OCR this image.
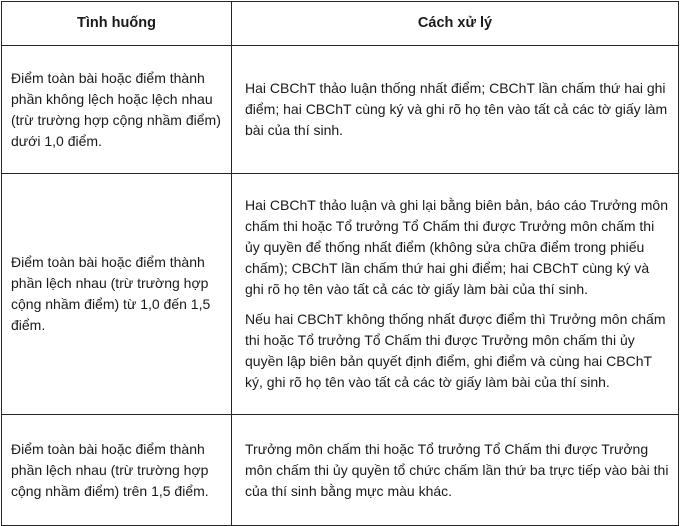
Tình huống	Cách xử lý
Điểm toàn bài hoặc điểm thành phần không lệch hoặc lệch nhau (trừ trường hợp cộng nhầm điểm) dưới 1,0 điểm.	Hai CBChT thảo luận thống nhất điểm; CBChT lần chấm thứ hai ghi điểm; hai CBChT cùng ký và ghi rõ họ tên vào tất cả các tờ giấy làm bài của thí sinh.

Điểm toàn bài hoặc điểm thành phần lệch nhau (trừ trường hợp cộng nhầm điểm) từ 1,0 đến 1,5 điểm.	Hai CBChT thảo luận và ghi lại bằng biên bản, báo cáo Trưởng môn chấm thi hoặc Tổ trưởng Tổ Chấm thi được Trưởng môn chấm thi ủy quyền để thống nhất điểm (không sửa chữa điểm trong phiếu chấm); CBChT lần chấm thứ hai ghi điểm; hai CBChT cùng ký và ghi rõ họ tên vào tất cả các tờ giấy làm bài của thí sinh.

Nếu hai CBChT không thống nhất được điểm thì Trưởng môn chấm thi hoặc Tổ trưởng Tổ Chấm thi được Trưởng môn chấm thi ủy quyền lập biên bản quyết định điểm, ghi điểm và cùng hai CBChT ký, ghi rõ họ tên vào tất cả các tờ giấy làm bài của thí sinh.

Điểm toàn bài hoặc điểm thành phần lệch nhau (trừ trường hợp cộng nhầm điểm) trên 1,5 điểm.	Trưởng môn chấm thi hoặc Tổ trưởng Tổ Chấm thi được Trưởng môn chấm thi ủy quyền tổ chức chấm lần thứ ba trực tiếp vào bài thi của thí sinh bằng mực màu khác.
